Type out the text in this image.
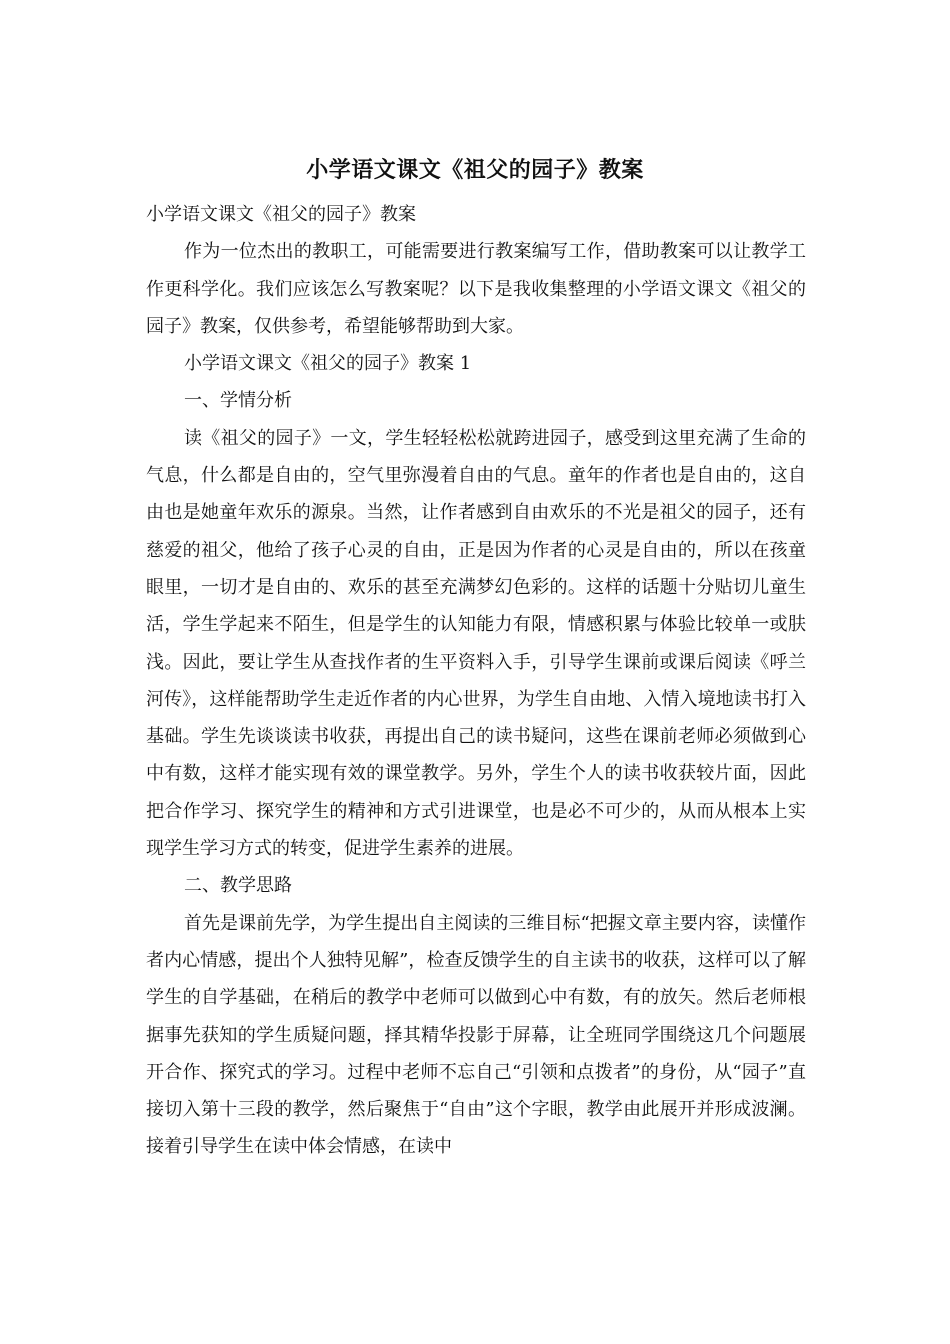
小学语文课文《祖父的园子》教案

小学语文课文《祖父的园子》教案

作为一位杰出的教职工，可能需要进行教案编写工作，借助教案可以让教学工作更科学化。我们应该怎么写教案呢？以下是我收集整理的小学语文课文《祖父的园子》教案，仅供参考，希望能够帮助到大家。

小学语文课文《祖父的园子》教案 1

一、学情分析

读《祖父的园子》一文，学生轻轻松松就跨进园子，感受到这里充满了生命的气息，什么都是自由的，空气里弥漫着自由的气息。童年的作者也是自由的，这自由也是她童年欢乐的源泉。当然，让作者感到自由欢乐的不光是祖父的园子，还有慈爱的祖父，他给了孩子心灵的自由，正是因为作者的心灵是自由的，所以在孩童眼里，一切才是自由的、欢乐的甚至充满梦幻色彩的。这样的话题十分贴切儿童生活，学生学起来不陌生，但是学生的认知能力有限，情感积累与体验比较单一或肤浅。因此，要让学生从查找作者的生平资料入手，引导学生课前或课后阅读《呼兰河传》，这样能帮助学生走近作者的内心世界，为学生自由地、入情入境地读书打入基础。学生先谈谈读书收获，再提出自己的读书疑问，这些在课前老师必须做到心中有数，这样才能实现有效的课堂教学。另外，学生个人的读书收获较片面，因此把合作学习、探究学生的精神和方式引进课堂，也是必不可少的，从而从根本上实现学生学习方式的转变，促进学生素养的进展。

二、教学思路

首先是课前先学，为学生提出自主阅读的三维目标“把握文章主要内容，读懂作者内心情感，提出个人独特见解”，检查反馈学生的自主读书的收获，这样可以了解学生的自学基础，在稍后的教学中老师可以做到心中有数，有的放矢。然后老师根据事先获知的学生质疑问题，择其精华投影于屏幕，让全班同学围绕这几个问题展开合作、探究式的学习。过程中老师不忘自己“引领和点拨者”的身份，从“园子”直接切入第十三段的教学，然后聚焦于“自由”这个字眼，教学由此展开并形成波澜。接着引导学生在读中体会情感，在读中
